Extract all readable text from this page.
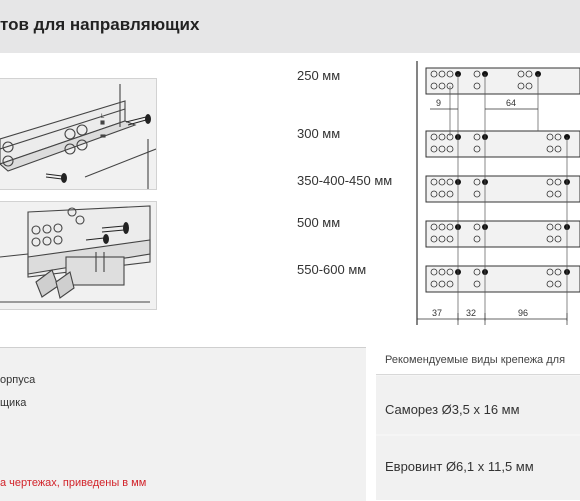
тов для направляющих
L
250 мм
300 мм
350-400-450 мм
500 мм
550-600 мм
9	64
37	32	96
орпуса
щика
а чертежах, приведены в мм
Рекомендуемые виды крепежа для
Саморез Ø3,5 x 16 мм
Евровинт Ø6,1 x 11,5 мм
